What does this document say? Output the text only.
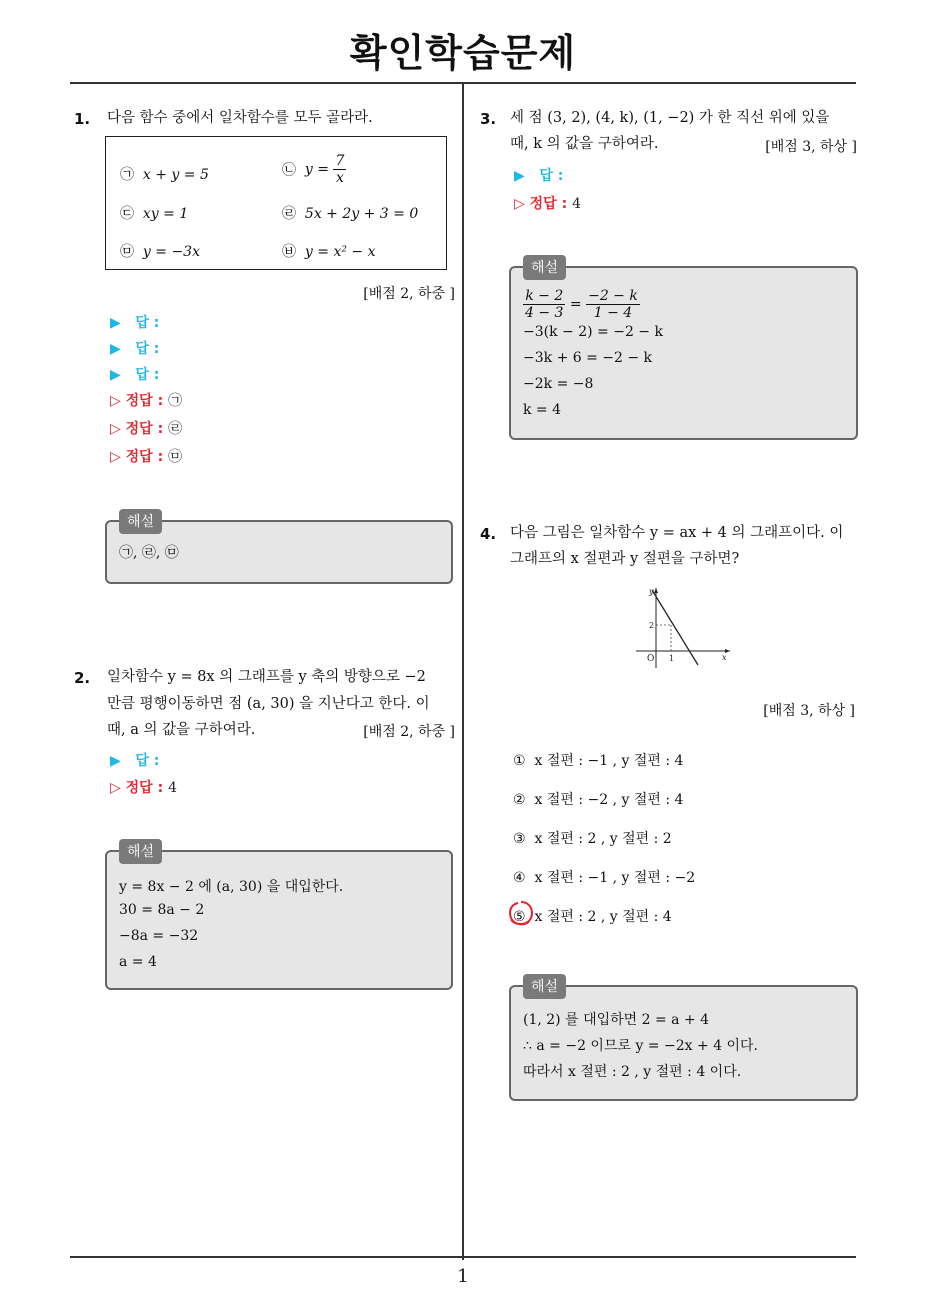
확인학습문제
1. 다음 함수 중에서 일차함수를 모두 골라라.
㉠ x + y = 5	㉡ $y = \frac{7}{x}$
㉢ xy = 1	㉣ 5x + 2y + 3 = 0
㉤ y = −3x	㉥ y = x² − x
[배점 2, 하중 ]
▶ 답 :
▶ 답 :
▶ 답 :
▷ 정답 : ㉠
▷ 정답 : ㉣
▷ 정답 : ㉤
㉠, ㉣, ㉤
해설
2. 일차함수 y = 8x 의 그래프를 y 축의 방향으로 −2
만큼 평행이동하면 점 (a, 30) 을 지난다고 한다. 이
때, a 의 값을 구하여라.	[배점 2, 하중 ]
▶ 답 :
▷ 정답 : 4
y = 8x − 2 에 (a, 30) 을 대입한다.
30 = 8a − 2
−8a = −32
a = 4
해설
3. 세 점 (3, 2), (4, k), (1, −2) 가 한 직선 위에 있을
때, k 의 값을 구하여라.	[배점 3, 하상 ]
▶ 답 :
▷ 정답 : 4
$\frac{k - 2}{4 - 3} = \frac{-2 - k}{1 - 4}$
−3(k − 2) = −2 − k
−3k + 6 = −2 − k
−2k = −8
k = 4
해설
4. 다음 그림은 일차함수 y = ax + 4 의 그래프이다. 이
그래프의 x 절편과 y 절편을 구하면?
y
x
O 1
2
[배점 3, 하상 ]
① x 절편 : −1 , y 절편 : 4
② x 절편 : −2 , y 절편 : 4
③ x 절편 : 2 , y 절편 : 2
④ x 절편 : −1 , y 절편 : −2
⑤ x 절편 : 2 , y 절편 : 4
(1, 2) 를 대입하면 2 = a + 4
∴ a = −2 이므로 y = −2x + 4 이다.
따라서 x 절편 : 2 , y 절편 : 4 이다.
해설
1
